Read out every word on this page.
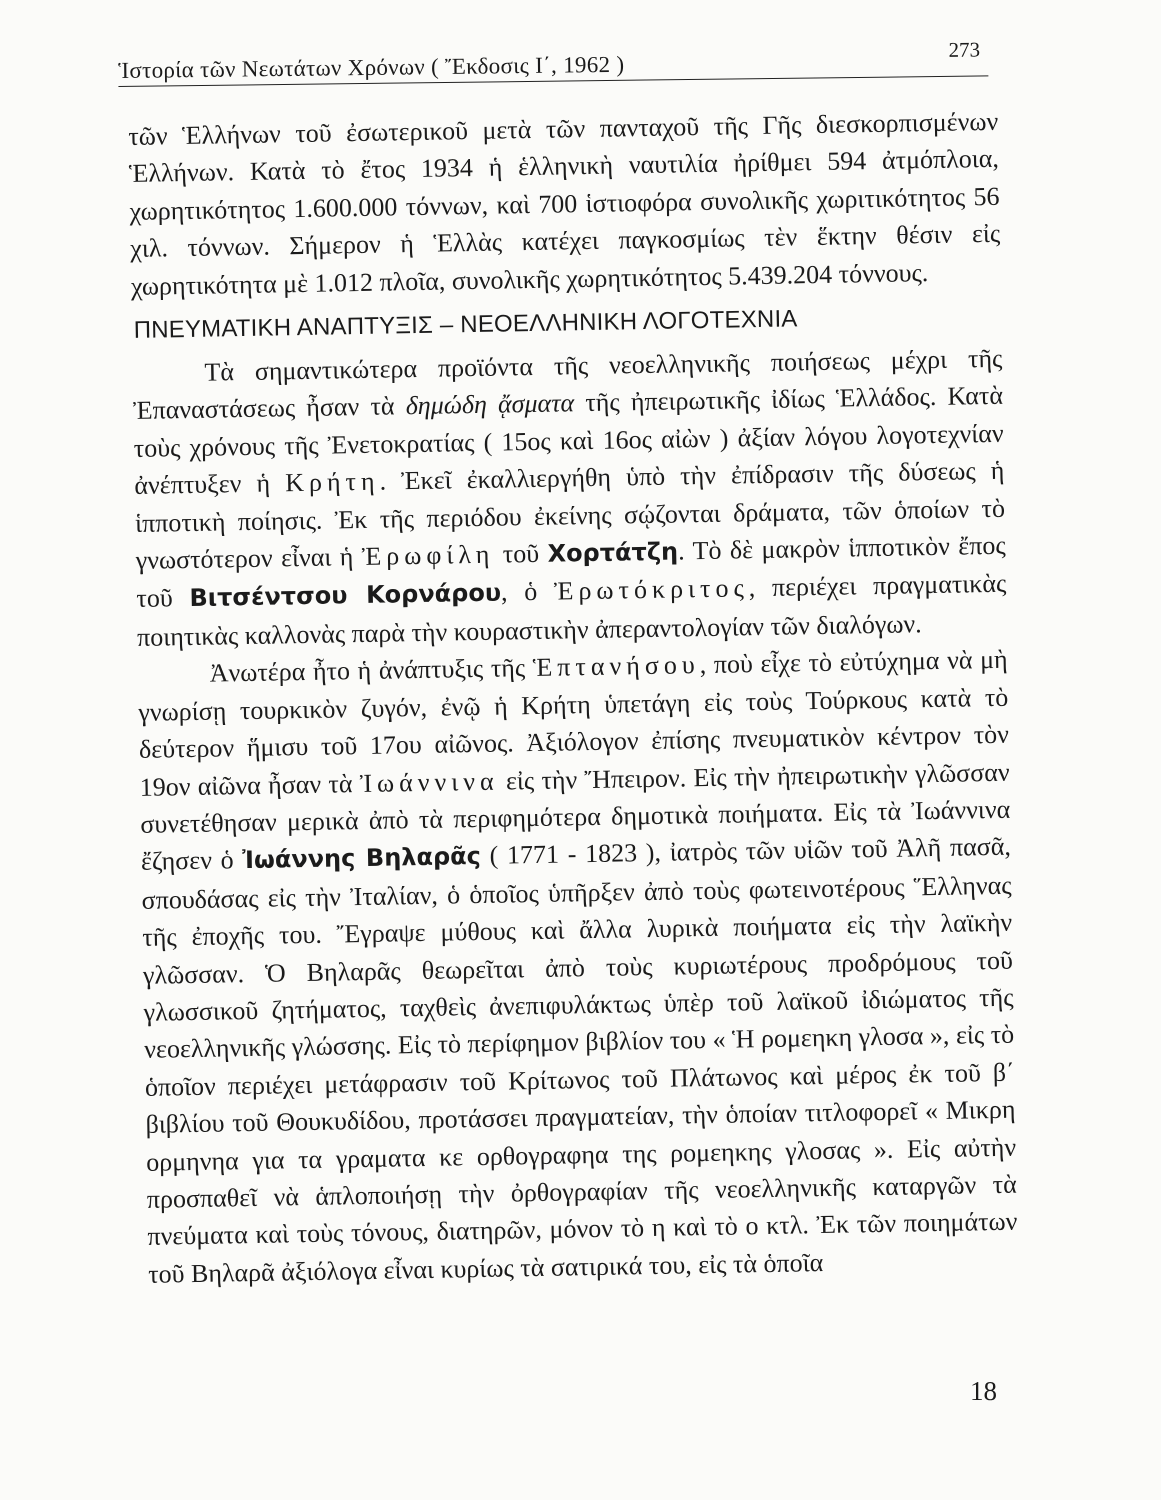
Ἱστορία τῶν Νεωτάτων Χρόνων ( Ἔκδοσις Ι΄, 1962 )
273

τῶν Ἑλλήνων τοῦ ἐσωτερικοῦ μετὰ τῶν πανταχοῦ τῆς Γῆς διεσκορπισμένων Ἑλλήνων. Κατὰ τὸ ἔτος 1934 ἡ ἑλληνικὴ ναυτιλία ἠρίθμει 594 ἀτμόπλοια, χωρητικότητος 1.600.000 τόννων, καὶ 700 ἱστιοφόρα συνολικῆς χωριτικότητος 56 χιλ. τόννων. Σήμερον ἡ Ἑλλὰς κατέχει παγκοσμίως τὲν ἕκτην θέσιν εἰς χωρητικότητα μὲ 1.012 πλοῖα, συνολικῆς χωρητικότητος 5.439.204 τόννους.

ΠΝΕΥΜΑΤΙΚΗ ΑΝΑΠΤΥΞΙΣ – ΝΕΟΕΛΛΗΝΙΚΗ ΛΟΓΟΤΕΧΝΙΑ

Τὰ σημαντικώτερα προϊόντα τῆς νεοελληνικῆς ποιήσεως μέχρι τῆς Ἐπαναστάσεως ἦσαν τὰ δημώδη ᾄσματα τῆς ἠπειρωτικῆς ἰδίως Ἑλλάδος. Κατὰ τοὺς χρόνους τῆς Ἐνετοκρατίας ( 15ος καὶ 16ος αἰὼν ) ἀξίαν λόγου λογοτεχνίαν ἀνέπτυξεν ἡ Κρήτη. Ἐκεῖ ἐκαλλιεργήθη ὑπὸ τὴν ἐπίδρασιν τῆς δύσεως ἡ ἱπποτικὴ ποίησις. Ἐκ τῆς περιόδου ἐκείνης σῴζονται δράματα, τῶν ὁποίων τὸ γνωστότερον εἶναι ἡ Ἐρωφίλη τοῦ Χορτάτζη. Τὸ δὲ μακρὸν ἱπποτικὸν ἔπος τοῦ Βιτσέντσου Κορνάρου, ὁ Ἐρωτόκριτος, περιέχει πραγματικὰς ποιητικὰς καλλονὰς παρὰ τὴν κουραστικὴν ἀπεραντολογίαν τῶν διαλόγων.

Ἀνωτέρα ἦτο ἡ ἀνάπτυξις τῆς Ἑπτανήσου, ποὺ εἶχε τὸ εὐτύχημα νὰ μὴ γνωρίσῃ τουρκικὸν ζυγόν, ἐνῷ ἡ Κρήτη ὑπετάγη εἰς τοὺς Τούρκους κατὰ τὸ δεύτερον ἥμισυ τοῦ 17ου αἰῶνος. Ἀξιόλογον ἐπίσης πνευματικὸν κέντρον τὸν 19ον αἰῶνα ἦσαν τὰ Ἰωάννινα εἰς τὴν Ἤπειρον. Εἰς τὴν ἠπειρωτικὴν γλῶσσαν συνετέθησαν μερικὰ ἀπὸ τὰ περιφημότερα δημοτικὰ ποιήματα. Εἰς τὰ Ἰωάννινα ἔζησεν ὁ Ἰωάννης Βηλαρᾶς ( 1771 - 1823 ), ἰατρὸς τῶν υἱῶν τοῦ Ἀλῆ πασᾶ, σπουδάσας εἰς τὴν Ἰταλίαν, ὁ ὁποῖος ὑπῆρξεν ἀπὸ τοὺς φωτεινοτέρους Ἕλληνας τῆς ἐποχῆς του. Ἔγραψε μύθους καὶ ἄλλα λυρικὰ ποιήματα εἰς τὴν λαϊκὴν γλῶσσαν. Ὁ Βηλαρᾶς θεωρεῖται ἀπὸ τοὺς κυριωτέρους προδρόμους τοῦ γλωσσικοῦ ζητήματος, ταχθεὶς ἀνεπιφυλάκτως ὑπὲρ τοῦ λαϊκοῦ ἰδιώματος τῆς νεοελληνικῆς γλώσσης. Εἰς τὸ περίφημον βιβλίον του « Ἡ ρομεηκη γλοσα », εἰς τὸ ὁποῖον περιέχει μετάφρασιν τοῦ Κρίτωνος τοῦ Πλάτωνος καὶ μέρος ἐκ τοῦ β΄ βιβλίου τοῦ Θουκυδίδου, προτάσσει πραγματείαν, τὴν ὁποίαν τιτλοφορεῖ « Μικρη ορμηνηα για τα γραματα κε ορθογραφηα της ρομεηκης γλοσας ». Εἰς αὐτὴν προσπαθεῖ νὰ ἁπλοποιήσῃ τὴν ὀρθογραφίαν τῆς νεοελληνικῆς καταργῶν τὰ πνεύματα καὶ τοὺς τόνους, διατηρῶν, μόνον τὸ η καὶ τὸ ο κτλ. Ἐκ τῶν ποιημάτων τοῦ Βηλαρᾶ ἀξιόλογα εἶναι κυρίως τὰ σατιρικά του, εἰς τὰ ὁποῖα

18
